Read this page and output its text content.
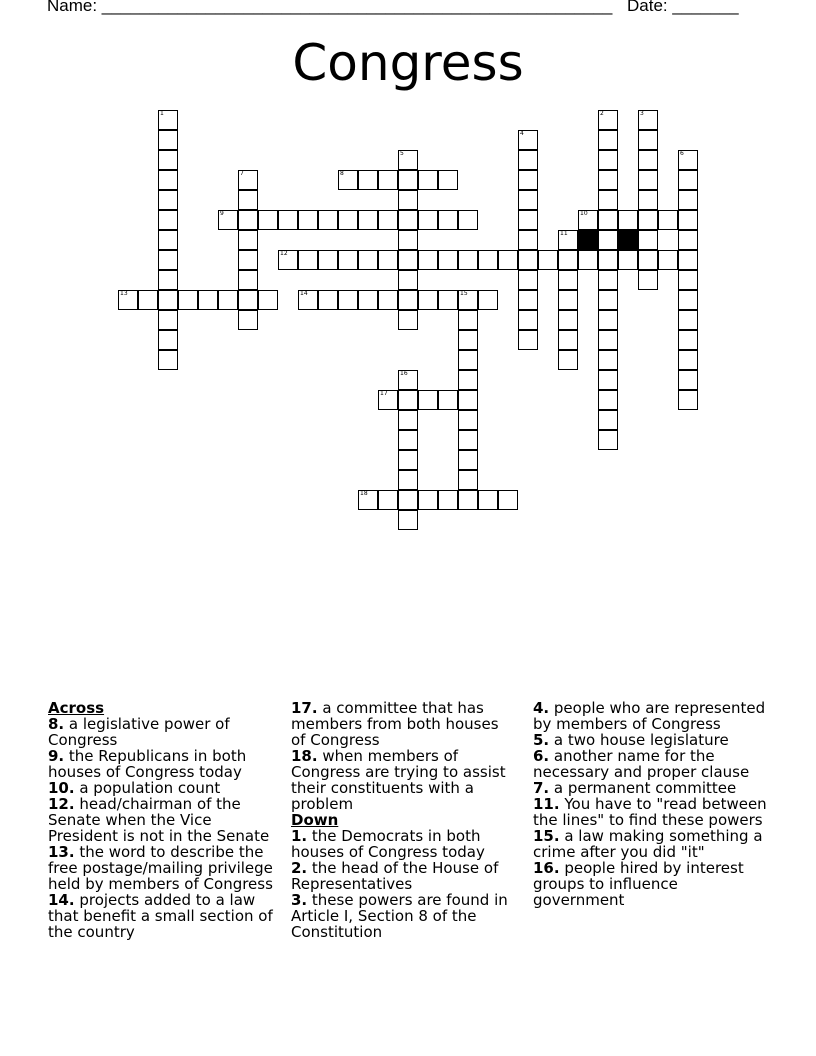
Name: ______________________________________________________ Date: _______
Congress
1	2	3
4
5	6
7	8
9	10
11
12
13	14	15
16
17
18
Across
8. a legislative power of Congress
9. the Republicans in both houses of Congress today
10. a population count
12. head/chairman of the Senate when the Vice President is not in the Senate
13. the word to describe the free postage/mailing privilege held by members of Congress
14. projects added to a law that benefit a small section of the country
17. a committee that has members from both houses of Congress
18. when members of Congress are trying to assist their constituents with a problem
Down
1. the Democrats in both houses of Congress today
2. the head of the House of Representatives
3. these powers are found in Article I, Section 8 of the Constitution
4. people who are represented by members of Congress
5. a two house legislature
6. another name for the necessary and proper clause
7. a permanent committee
11. You have to "read between the lines" to find these powers
15. a law making something a crime after you did "it"
16. people hired by interest groups to influence government
